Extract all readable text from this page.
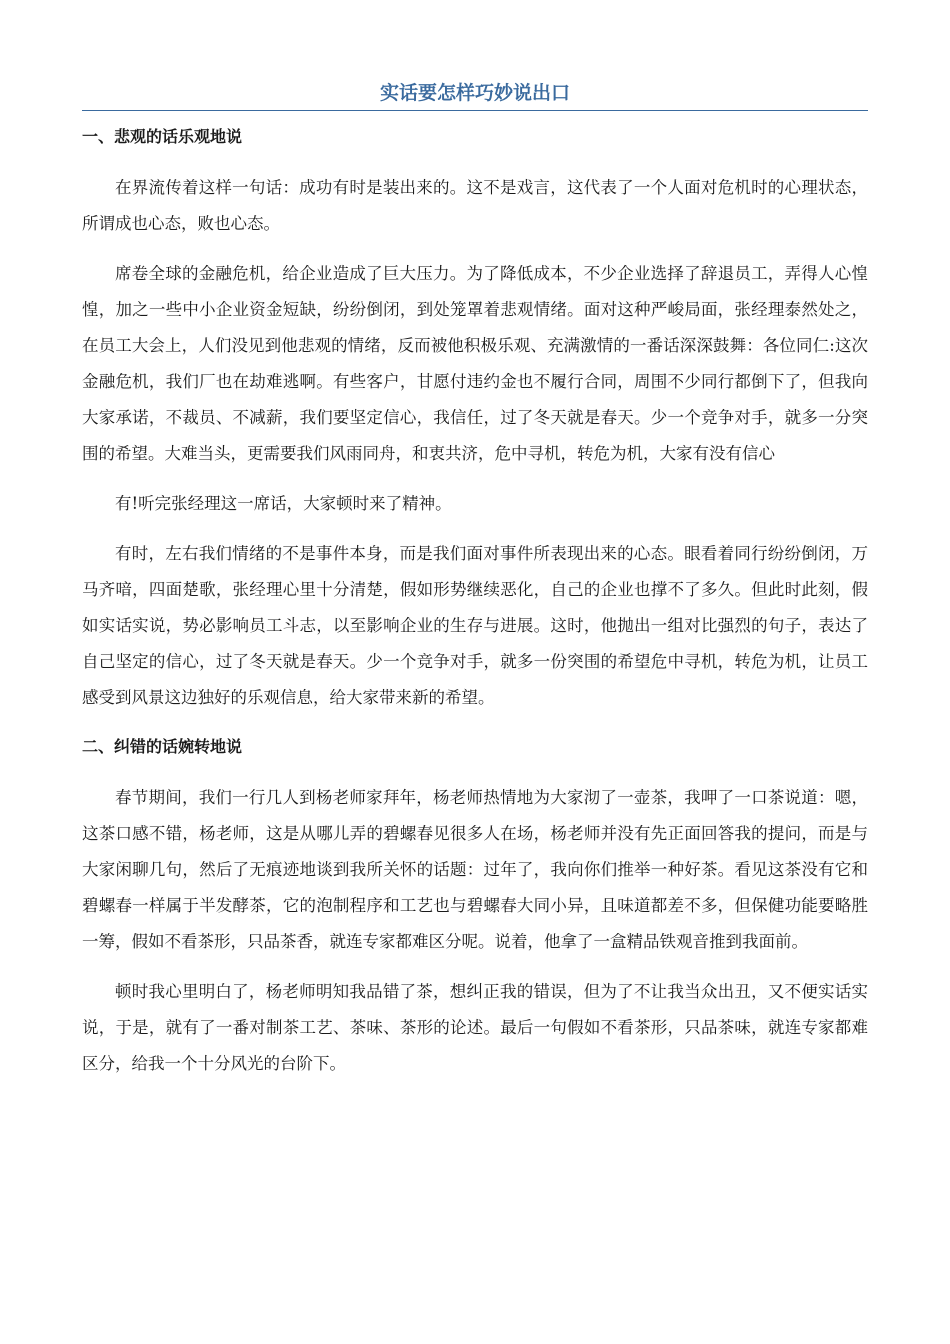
实话要怎样巧妙说出口
一、悲观的话乐观地说

在界流传着这样一句话：成功有时是装出来的。这不是戏言，这代表了一个人面对危机时的心理状态，所谓成也心态，败也心态。

席卷全球的金融危机，给企业造成了巨大压力。为了降低成本，不少企业选择了辞退员工，弄得人心惶惶，加之一些中小企业资金短缺，纷纷倒闭，到处笼罩着悲观情绪。面对这种严峻局面，张经理泰然处之，在员工大会上，人们没见到他悲观的情绪，反而被他积极乐观、充满激情的一番话深深鼓舞：各位同仁:这次金融危机，我们厂也在劫难逃啊。有些客户，甘愿付违约金也不履行合同，周围不少同行都倒下了，但我向大家承诺，不裁员、不减薪，我们要坚定信心，我信任，过了冬天就是春天。少一个竞争对手，就多一分突围的希望。大难当头，更需要我们风雨同舟，和衷共济，危中寻机，转危为机，大家有没有信心

有!听完张经理这一席话，大家顿时来了精神。

有时，左右我们情绪的不是事件本身，而是我们面对事件所表现出来的心态。眼看着同行纷纷倒闭，万马齐喑，四面楚歌，张经理心里十分清楚，假如形势继续恶化，自己的企业也撑不了多久。但此时此刻，假如实话实说，势必影响员工斗志，以至影响企业的生存与进展。这时，他抛出一组对比强烈的句子，表达了自己坚定的信心，过了冬天就是春天。少一个竞争对手，就多一份突围的希望危中寻机，转危为机，让员工感受到风景这边独好的乐观信息，给大家带来新的希望。

二、纠错的话婉转地说

春节期间，我们一行几人到杨老师家拜年，杨老师热情地为大家沏了一壶茶，我呷了一口茶说道：嗯，这茶口感不错，杨老师，这是从哪儿弄的碧螺春见很多人在场，杨老师并没有先正面回答我的提问，而是与大家闲聊几句，然后了无痕迹地谈到我所关怀的话题：过年了，我向你们推举一种好茶。看见这茶没有它和碧螺春一样属于半发酵茶，它的泡制程序和工艺也与碧螺春大同小异，且味道都差不多，但保健功能要略胜一筹，假如不看茶形，只品茶香，就连专家都难区分呢。说着，他拿了一盒精品铁观音推到我面前。

顿时我心里明白了，杨老师明知我品错了茶，想纠正我的错误，但为了不让我当众出丑，又不便实话实说，于是，就有了一番对制茶工艺、茶味、茶形的论述。最后一句假如不看茶形，只品茶味，就连专家都难区分，给我一个十分风光的台阶下。
